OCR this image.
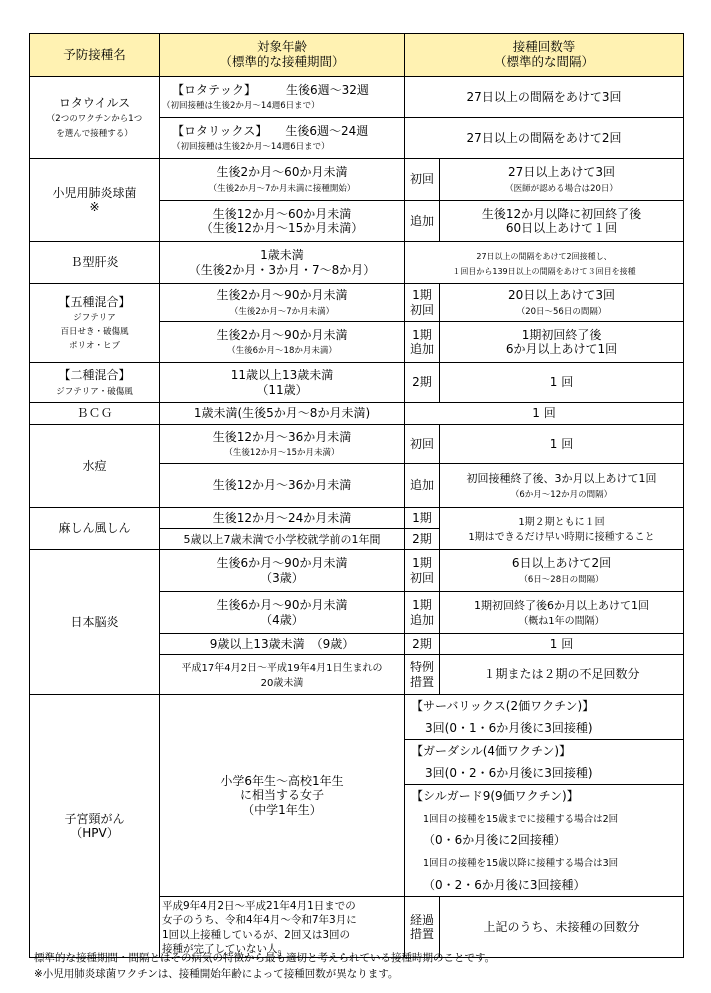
予防接種名	対象年齢
（標準的な接種期間）	接種回数等
（標準的な間隔）	
ロタウイルス
（2つのワクチンから1つ
を選んで接種する）	【ロタテック】　　　生後6週～32週
（初回接種は生後2か月～14週6日まで）	27日以上の間隔をあけて3回	
	【ロタリックス】　　生後6週～24週
（初回接種は生後2か月～14週6日まで）	27日以上の間隔をあけて2回	
小児用肺炎球菌
※	生後2か月～60か月未満
（生後2か月～7か月未満に接種開始）	初回	27日以上あけて3回
（医師が認める場合は20日）
	生後12か月～60か月未満
（生後12か月～15か月未満）	追加	生後12か月以降に初回終了後
60日以上あけて１回
Ｂ型肝炎	1歳未満
（生後2か月・3か月・7～8か月）	27日以上の間隔をあけて2回接種し、
１回目から139日以上の間隔をあけて３回目を接種	
【五種混合】
ジフテリア
百日せき・破傷風
ポリオ・ヒブ	生後2か月～90か月未満
（生後2か月～7か月未満）	1期
初回	20日以上あけて3回
（20日～56日の間隔）
	生後2か月～90か月未満
（生後6か月～18か月未満）	1期
追加	1期初回終了後
6か月以上あけて1回
【二種混合】
ジフテリア・破傷風	11歳以上13歳未満
（11歳）	2期	1 回
ＢＣＧ	1歳未満(生後5か月～8か月未満)	1 回	
水痘	生後12か月～36か月未満
（生後12か月～15か月未満）	初回	1 回
	生後12か月～36か月未満	追加	初回接種終了後、3か月以上あけて1回
（6か月～12か月の間隔）
麻しん風しん	生後12か月～24か月未満	1期	1期２期ともに１回
1期はできるだけ早い時期に接種すること
	5歳以上7歳未満で小学校就学前の1年間	2期	
日本脳炎	生後6か月～90か月未満
（3歳）	1期
初回	6日以上あけて2回
（6日～28日の間隔）
	生後6か月～90か月未満
（4歳）	1期
追加	1期初回終了後6か月以上あけて1回
（概ね1年の間隔）
	9歳以上13歳未満　（9歳）	2期	1 回
	平成17年4月2日～平成19年4月1日生まれの
20歳未満	特例
措置	１期または２期の不足回数分
子宮頸がん
（HPV）	小学6年生～高校1年生
に相当する女子
（中学1年生）	【サーバリックス(2価ワクチン)】	
		3回(0・1・6か月後に3回接種)	
		【ガーダシル(4価ワクチン)】	
		3回(0・2・6か月後に3回接種)	
		【シルガード9(9価ワクチン)】	
		1回目の接種を15歳までに接種する場合は2回	
		（0・6か月後に2回接種）	
		1回目の接種を15歳以降に接種する場合は3回	
		（0・2・6か月後に3回接種）	
	平成9年4月2日～平成21年4月1日までの
女子のうち、令和4年4月～令和7年3月に
1回以上接種しているが、2回又は3回の
接種が完了していない人。	経過
措置	上記のうち、未接種の回数分
標準的な接種期間・間隔とはその病気の特徴から最も適切と考えられている接種時期のことです。
※小児用肺炎球菌ワクチンは、接種開始年齢によって接種回数が異なります。
